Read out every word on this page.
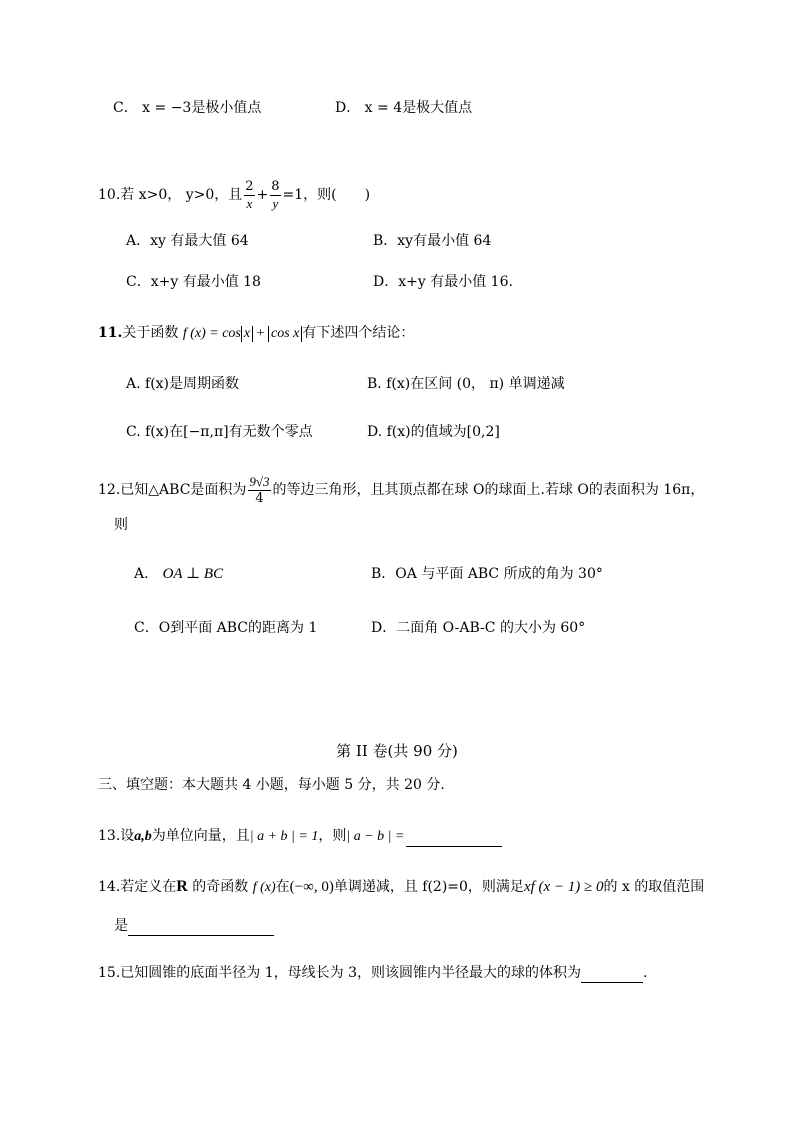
C． x = −3是极小值点	D． x = 4是极大值点
10.若 x>0， y>0，且 $\frac{2}{x} + \frac{8}{y} =1$，则(　　)
A．xy 有最大值 64	B．xy有最小值 64
C．x+y 有最小值 18	D．x+y 有最小值 16.
11.关于函数 f (x) = cos x + cos x 有下述四个结论：
A. f(x)是周期函数	B. f(x)在区间 (0， π) 单调递减
C. f(x)在[−π,π]有无数个零点	D. f(x)的值域为[0,2]
12.已知△ABC是面积为 $\frac{9√3}{4}$ 的等边三角形，且其顶点都在球 O的球面上.若球 O的表面积为 16π，
则
A． OA ⊥ BC	B．OA 与平面 ABC 所成的角为 30°
C．O到平面 ABC的距离为 1	D．二面角 O-AB-C 的大小为 60°
第 II 卷(共 90 分)
三、填空题：本大题共 4 小题，每小题 5 分，共 20 分.
13.设a,b为单位向量，且| a + b | = 1，则| a − b | =
14.若定义在R 的奇函数 f (x)在(−∞, 0)单调递减，且 f(2)=0，则满足xf (x − 1) ≥ 0的 x 的取值范围
是
15.已知圆锥的底面半径为 1，母线长为 3，则该圆锥内半径最大的球的体积为	.
